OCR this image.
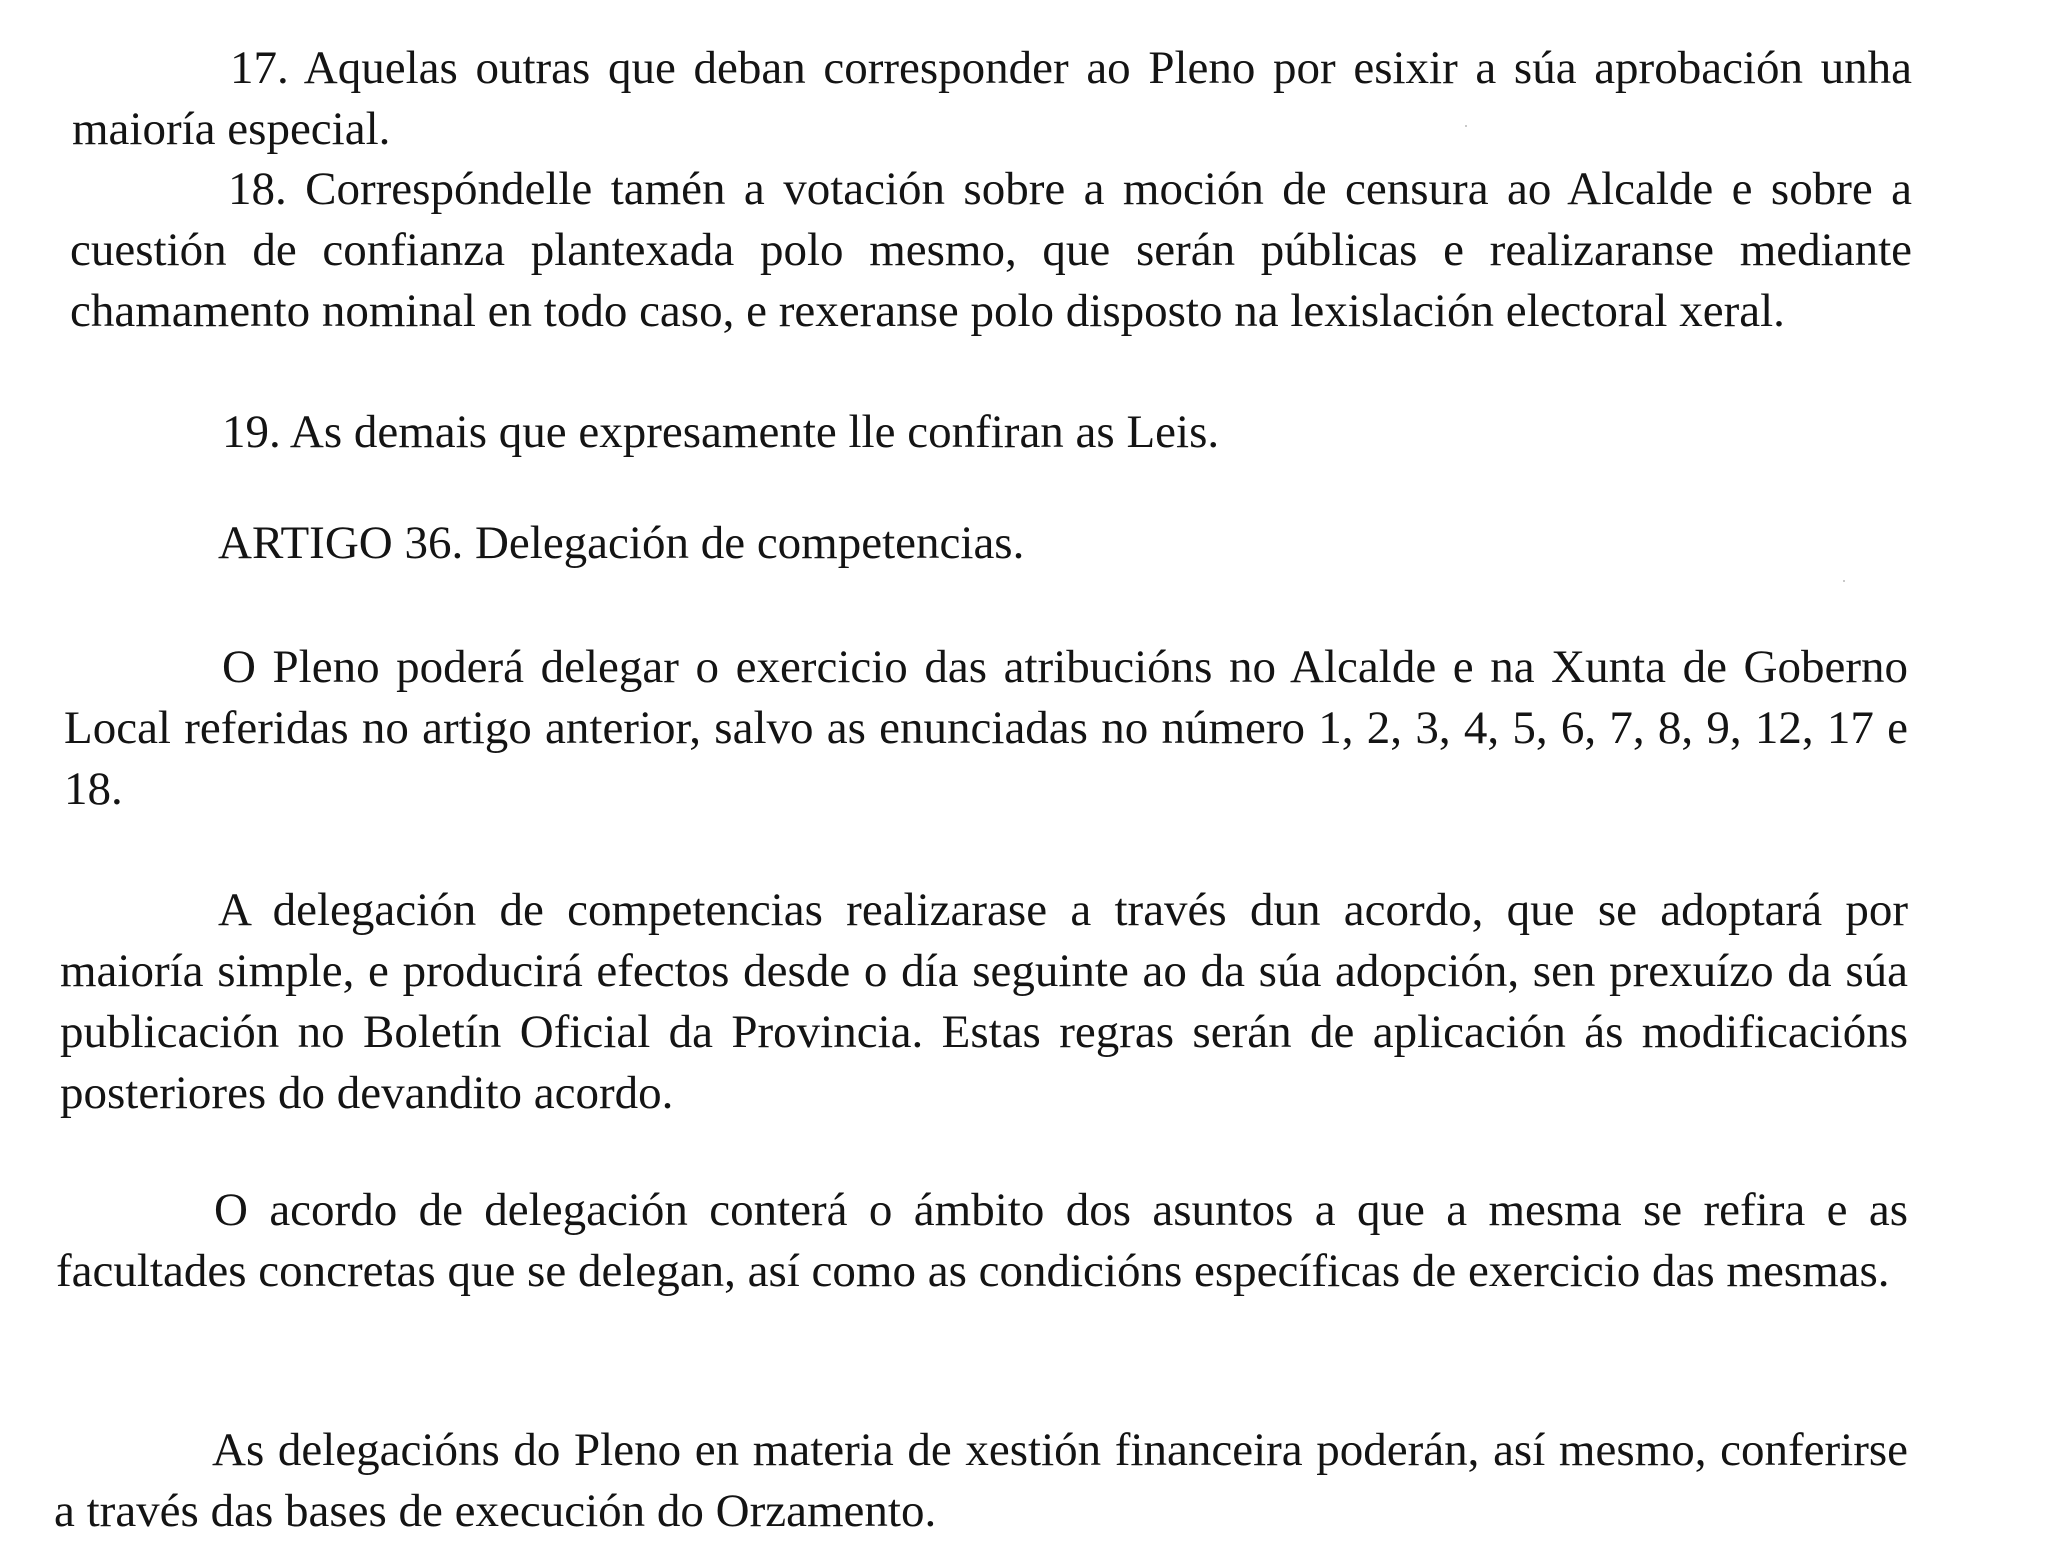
17. Aquelas outras que deban corresponder ao Pleno por esixir a súa aprobación unha maioría especial.

18. Correspóndelle tamén a votación sobre a moción de censura ao Alcalde e sobre a cuestión de confianza plantexada polo mesmo, que serán públicas e realizaranse mediante chamamento nominal en todo caso, e rexeranse polo disposto na lexislación electoral xeral.

19. As demais que expresamente lle confiran as Leis.

ARTIGO 36. Delegación de competencias.

O Pleno poderá delegar o exercicio das atribucións no Alcalde e na Xunta de Goberno Local referidas no artigo anterior, salvo as enunciadas no número 1, 2, 3, 4, 5, 6, 7, 8, 9, 12, 17 e 18.

A delegación de competencias realizarase a través dun acordo, que se adoptará por maioría simple, e producirá efectos desde o día seguinte ao da súa adopción, sen prexuízo da súa publicación no Boletín Oficial da Provincia. Estas regras serán de aplicación ás modificacións posteriores do devandito acordo.

O acordo de delegación conterá o ámbito dos asuntos a que a mesma se refira e as facultades concretas que se delegan, así como as condicións específicas de exercicio das mesmas.

As delegacións do Pleno en materia de xestión financeira poderán, así mesmo, conferirse a través das bases de execución do Orzamento.
